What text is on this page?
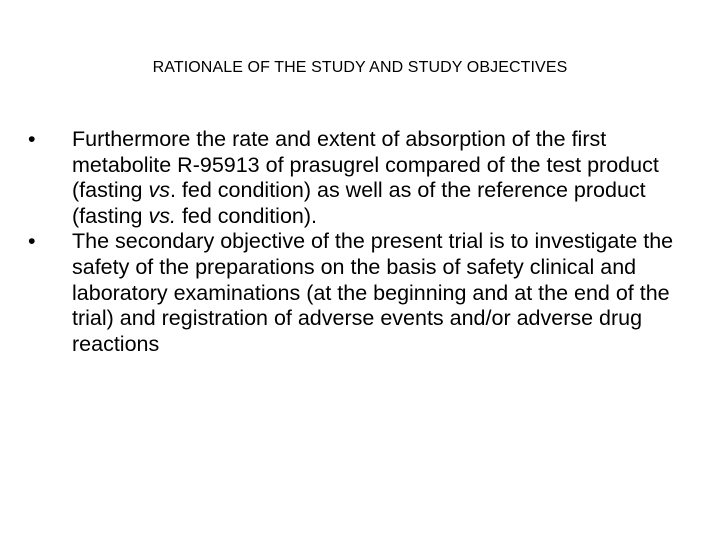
RATIONALE OF THE STUDY AND STUDY OBJECTIVES
•	Furthermore the rate and extent of absorption of the first metabolite R-95913 of prasugrel compared of the test product (fasting vs. fed condition) as well as of the reference product (fasting vs. fed condition).
•	The secondary objective of the present trial is to investigate the safety of the preparations on the basis of safety clinical and laboratory examinations (at the beginning and at the end of the trial) and registration of adverse events and/or adverse drug reactions
